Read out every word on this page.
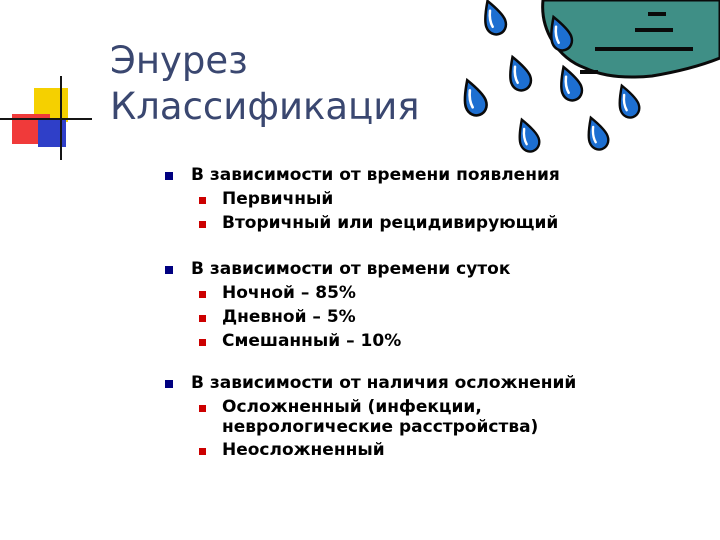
Энурез
Классификация
В зависимости от времени появления
Первичный
Вторичный или рецидивирующий
В зависимости от времени суток
Ночной – 85%
Дневной – 5%
Смешанный – 10%
В зависимости от наличия осложнений
Осложненный (инфекции,
неврологические расстройства)
Неосложненный
